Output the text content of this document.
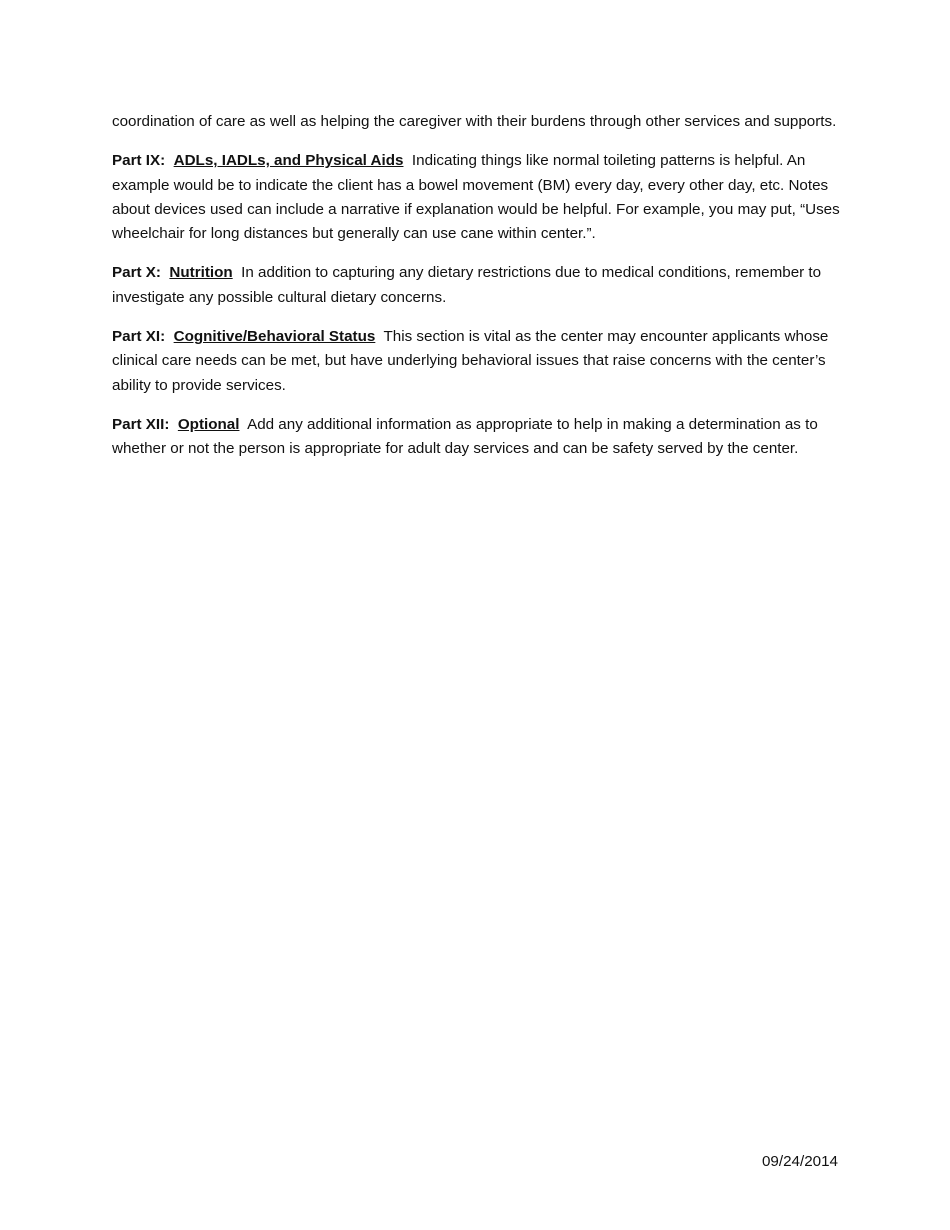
coordination of care as well as helping the caregiver with their burdens through other services and supports.

Part IX: ADLs, IADLs, and Physical Aids Indicating things like normal toileting patterns is helpful. An example would be to indicate the client has a bowel movement (BM) every day, every other day, etc. Notes about devices used can include a narrative if explanation would be helpful. For example, you may put, “Uses wheelchair for long distances but generally can use cane within center.”.

Part X: Nutrition In addition to capturing any dietary restrictions due to medical conditions, remember to investigate any possible cultural dietary concerns.

Part XI: Cognitive/Behavioral Status This section is vital as the center may encounter applicants whose clinical care needs can be met, but have underlying behavioral issues that raise concerns with the center’s ability to provide services.

Part XII: Optional Add any additional information as appropriate to help in making a determination as to whether or not the person is appropriate for adult day services and can be safety served by the center.

09/24/2014
